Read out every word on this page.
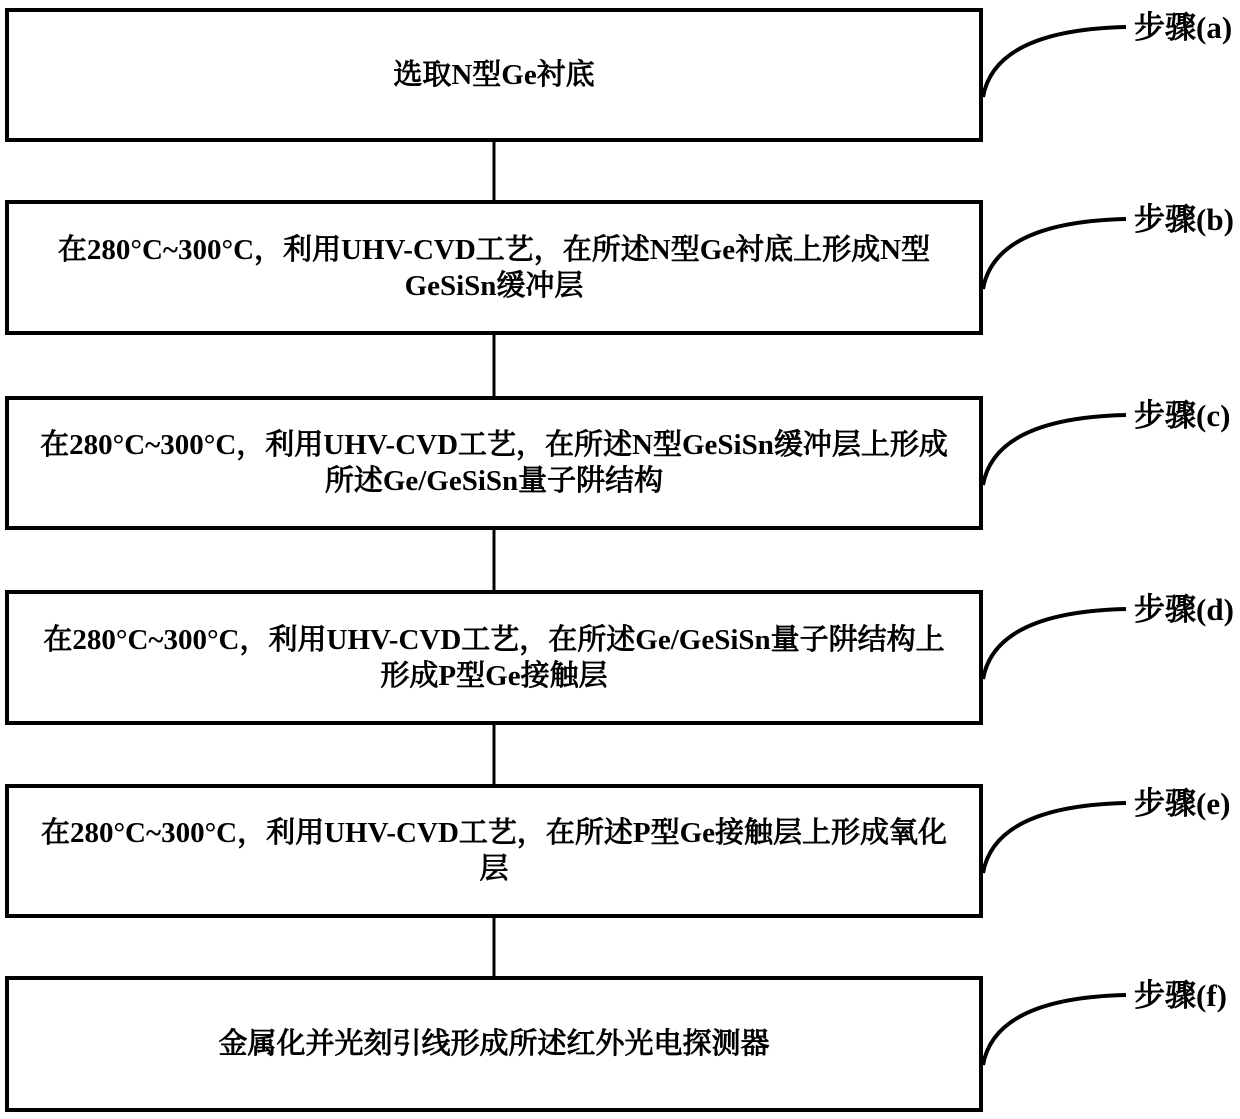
选取N型Ge衬底
在280°C~300°C，利用UHV-CVD工艺，在所述N型Ge衬底上形成N型GeSiSn缓冲层
在280°C~300°C，利用UHV-CVD工艺，在所述N型GeSiSn缓冲层上形成所述Ge/GeSiSn量子阱结构
在280°C~300°C，利用UHV-CVD工艺，在所述Ge/GeSiSn量子阱结构上形成P型Ge接触层
在280°C~300°C，利用UHV-CVD工艺，在所述P型Ge接触层上形成氧化层
金属化并光刻引线形成所述红外光电探测器
步骤(a)
步骤(b)
步骤(c)
步骤(d)
步骤(e)
步骤(f)
